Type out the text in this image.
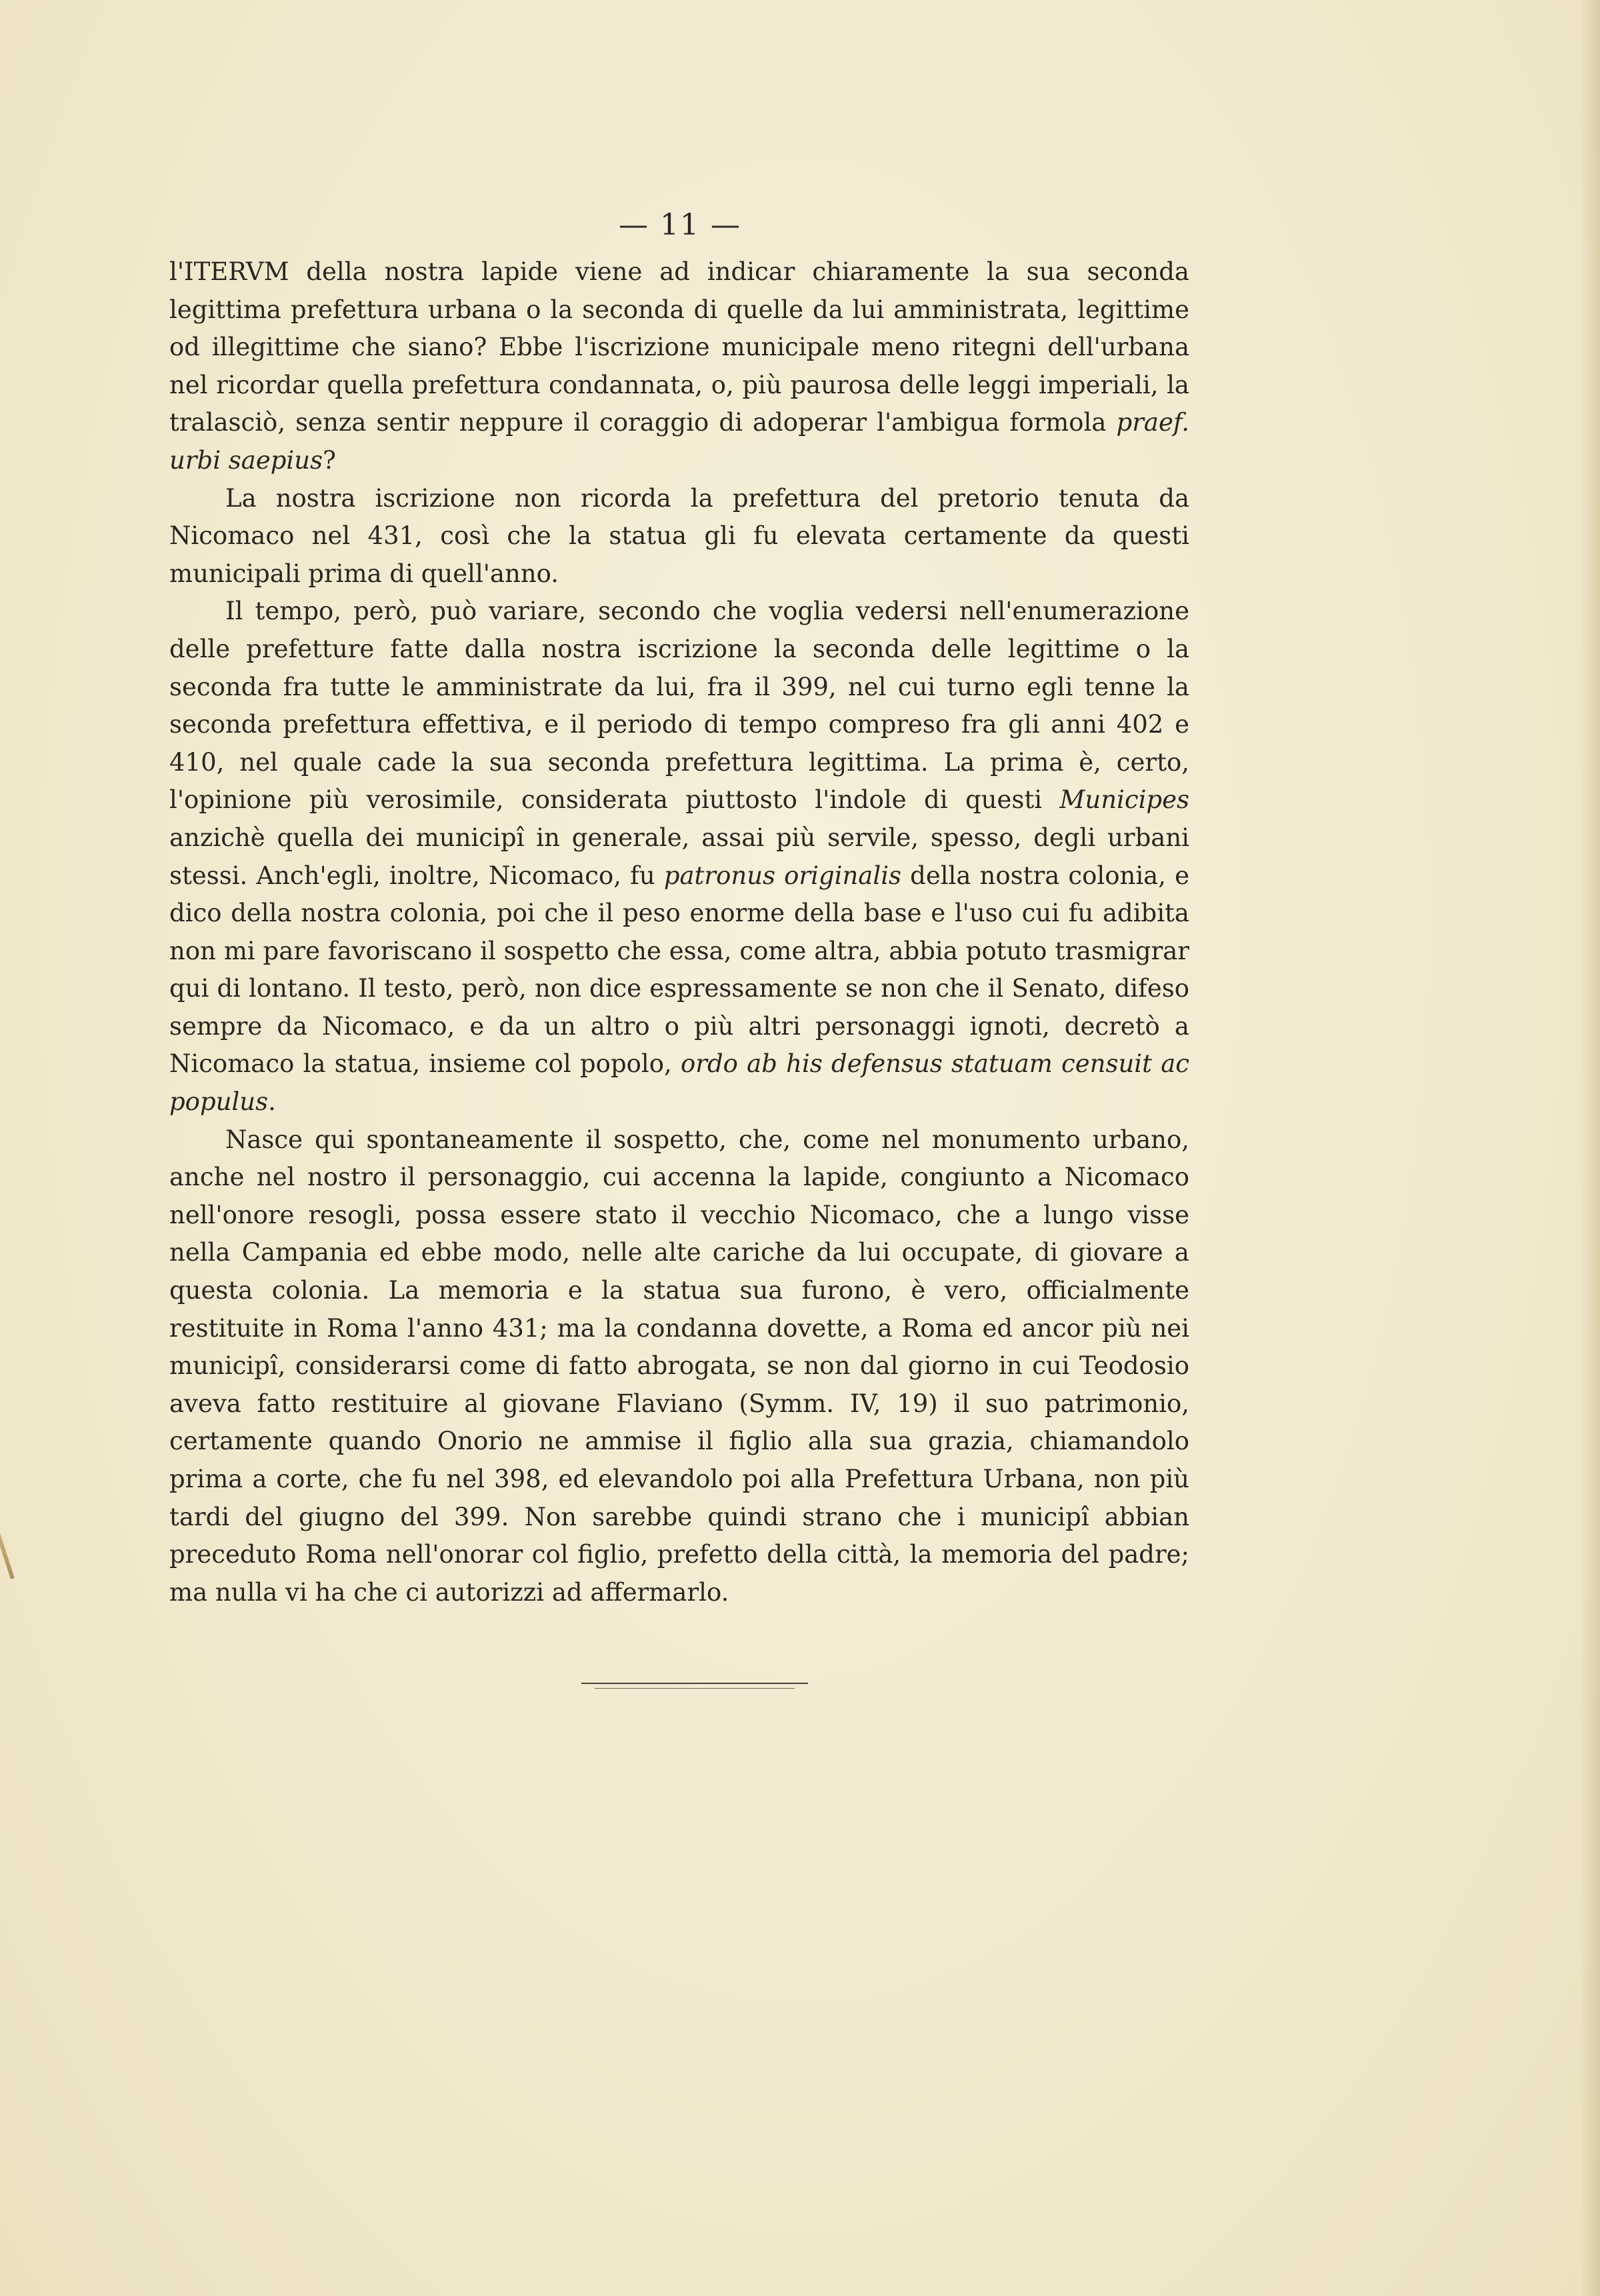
— 11 —

l'ITERVM della nostra lapide viene ad indicar chiaramente la sua seconda legittima prefettura urbana o la seconda di quelle da lui amministrata, legittime od illegittime che siano? Ebbe l'iscrizione municipale meno ritegni dell'urbana nel ricordar quella prefettura condannata, o, più paurosa delle leggi imperiali, la tralasciò, senza sentir neppure il coraggio di adoperar l'ambigua formola praef. urbi saepius?

La nostra iscrizione non ricorda la prefettura del pretorio tenuta da Nicomaco nel 431, così che la statua gli fu elevata certamente da questi municipali prima di quell'anno.

Il tempo, però, può variare, secondo che voglia vedersi nell'enumerazione delle prefetture fatte dalla nostra iscrizione la seconda delle legittime o la seconda fra tutte le amministrate da lui, fra il 399, nel cui turno egli tenne la seconda prefettura effettiva, e il periodo di tempo compreso fra gli anni 402 e 410, nel quale cade la sua seconda prefettura legittima. La prima è, certo, l'opinione più verosimile, considerata piuttosto l'indole di questi Municipes anzichè quella dei municipî in generale, assai più servile, spesso, degli urbani stessi. Anch'egli, inoltre, Nicomaco, fu patronus originalis della nostra colonia, e dico della nostra colonia, poi che il peso enorme della base e l'uso cui fu adibita non mi pare favoriscano il sospetto che essa, come altra, abbia potuto trasmigrar qui di lontano. Il testo, però, non dice espressamente se non che il Senato, difeso sempre da Nicomaco, e da un altro o più altri personaggi ignoti, decretò a Nicomaco la statua, insieme col popolo, ordo ab his defensus statuam censuit ac populus.

Nasce qui spontaneamente il sospetto, che, come nel monumento urbano, anche nel nostro il personaggio, cui accenna la lapide, congiunto a Nicomaco nell'onore resogli, possa essere stato il vecchio Nicomaco, che a lungo visse nella Campania ed ebbe modo, nelle alte cariche da lui occupate, di giovare a questa colonia. La memoria e la statua sua furono, è vero, officialmente restituite in Roma l'anno 431; ma la condanna dovette, a Roma ed ancor più nei municipî, considerarsi come di fatto abrogata, se non dal giorno in cui Teodosio aveva fatto restituire al giovane Flaviano (Symm. IV, 19) il suo patrimonio, certamente quando Onorio ne ammise il figlio alla sua grazia, chiamandolo prima a corte, che fu nel 398, ed elevandolo poi alla Prefettura Urbana, non più tardi del giugno del 399. Non sarebbe quindi strano che i municipî abbian preceduto Roma nell'onorar col figlio, prefetto della città, la memoria del padre; ma nulla vi ha che ci autorizzi ad affermarlo.
